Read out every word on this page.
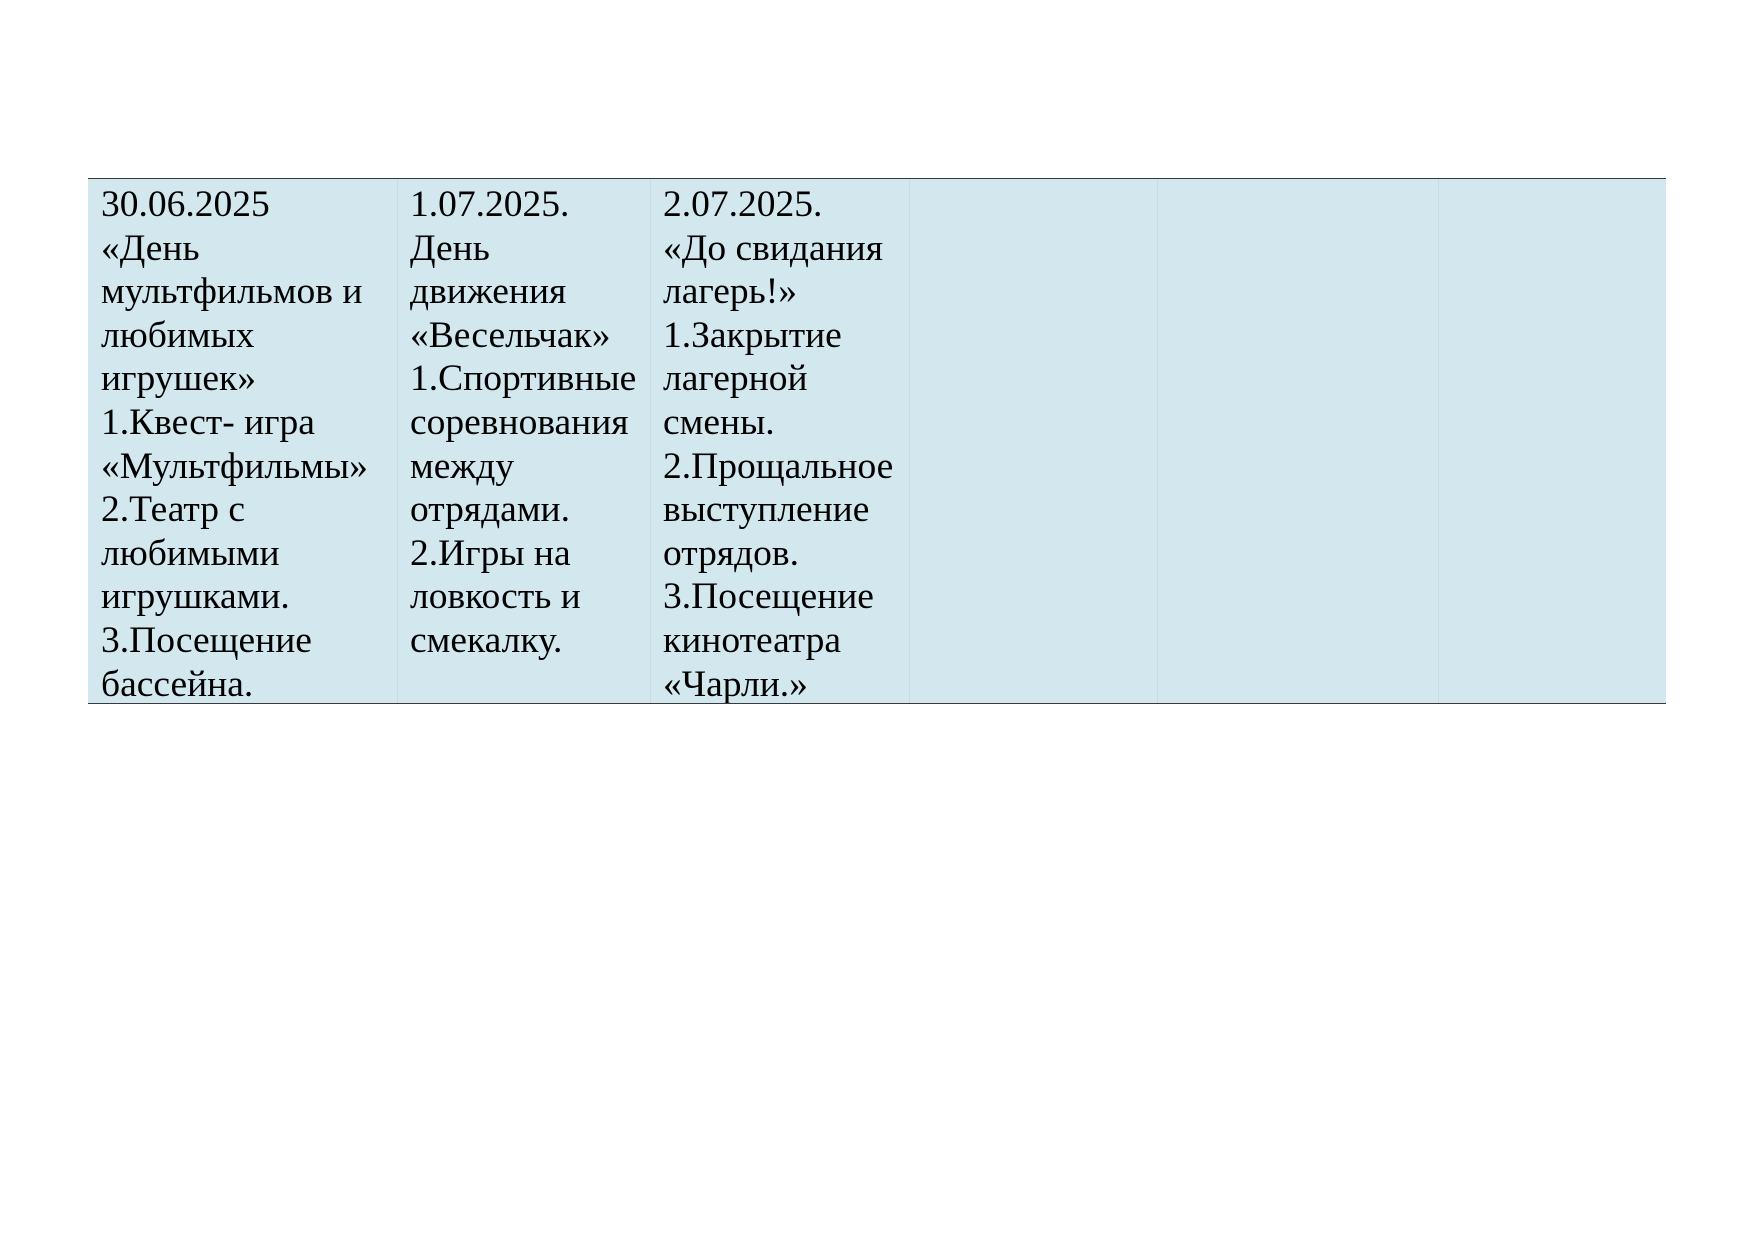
30.06.2025
«День
мультфильмов и
любимых
игрушек»
1.Квест- игра
«Мультфильмы»
2.Театр с
любимыми
игрушками.
3.Посещение
бассейна.
1.07.2025.
День
движения
«Весельчак»
1.Спортивные
соревнования
между
отрядами.
2.Игры на
ловкость и
смекалку.
2.07.2025.
«До свидания
лагерь!»
1.Закрытие
лагерной
смены.
2.Прощальное
выступление
отрядов.
3.Посещение
кинотеатра
«Чарли.»
